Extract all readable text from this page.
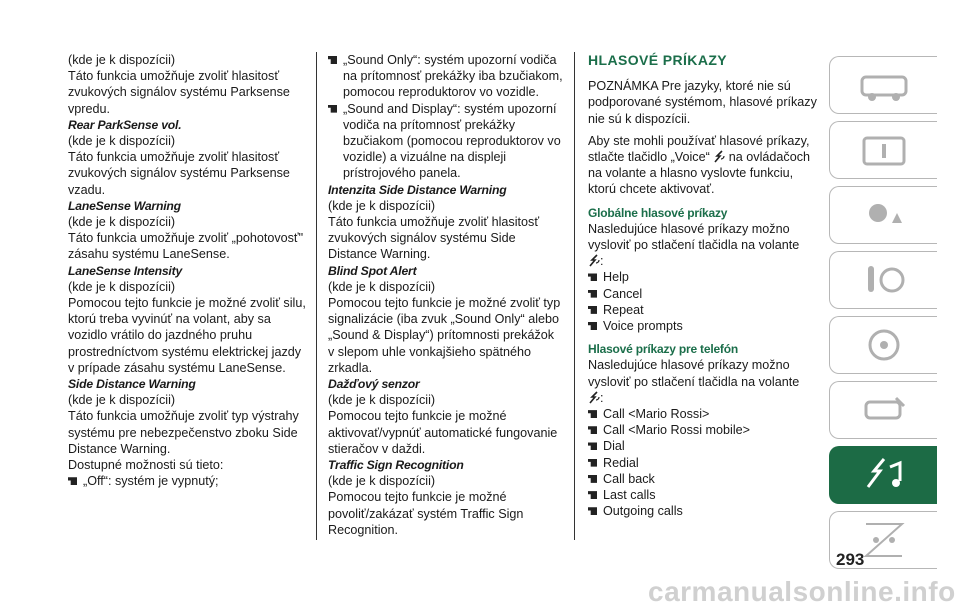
(kde je k dispozícii)

Táto funkcia umožňuje zvoliť hlasitosť zvukových signálov systému Parksense vpredu.

Rear ParkSense vol.

(kde je k dispozícii)

Táto funkcia umožňuje zvoliť hlasitosť zvukových signálov systému Parksense vzadu.

LaneSense Warning

(kde je k dispozícii)

Táto funkcia umožňuje zvoliť „pohotovosť" zásahu systému LaneSense.

LaneSense Intensity

(kde je k dispozícii)

Pomocou tejto funkcie je možné zvoliť silu, ktorú treba vyvinúť na volant, aby sa vozidlo vrátilo do jazdného pruhu prostredníctvom systému elektrickej jazdy v prípade zásahu systému LaneSense.

Side Distance Warning

(kde je k dispozícii)

Táto funkcia umožňuje zvoliť typ výstrahy systému pre nebezpečenstvo zboku Side Distance Warning.

Dostupné možnosti sú tieto:

„Off“: systém je vypnutý;
„Sound Only“: systém upozorní vodiča na prítomnosť prekážky iba bzučiakom, pomocou reproduktorov vo vozidle.
„Sound and Display“: systém upozorní vodiča na prítomnosť prekážky bzučiakom (pomocou reproduktorov vo vozidle) a vizuálne na displeji prístrojového panela.

Intenzita Side Distance Warning

(kde je k dispozícii)

Táto funkcia umožňuje zvoliť hlasitosť zvukových signálov systému Side Distance Warning.

Blind Spot Alert

(kde je k dispozícii)

Pomocou tejto funkcie je možné zvoliť typ signalizácie (iba zvuk „Sound Only“ alebo „Sound & Display“) prítomnosti prekážok v slepom uhle vonkajšieho spätného zrkadla.

Dažďový senzor

(kde je k dispozícii)

Pomocou tejto funkcie je možné aktivovať/vypnúť automatické fungovanie stieračov v daždi.

Traffic Sign Recognition

(kde je k dispozícii)

Pomocou tejto funkcie je možné povoliť/zakázať systém Traffic Sign Recognition.

HLASOVÉ PRÍKAZY

POZNÁMKA Pre jazyky, ktoré nie sú podporované systémom, hlasové príkazy nie sú k dispozícii.

Aby ste mohli používať hlasové príkazy, stlačte tlačidlo „Voice“ na ovládačoch na volante a hlasno vyslovte funkciu, ktorú chcete aktivovať.

Globálne hlasové príkazy

Nasledujúce hlasové príkazy možno vysloviť po stlačení tlačidla na volante

:

Help
Cancel
Repeat
Voice prompts
Hlasové príkazy pre telefón

Nasledujúce hlasové príkazy možno vysloviť po stlačení tlačidla na volante

:

Call <Mario Rossi>
Call <Mario Rossi mobile>
Dial
Redial
Call back
Last calls
Outgoing calls
293
carmanualsonline.info
